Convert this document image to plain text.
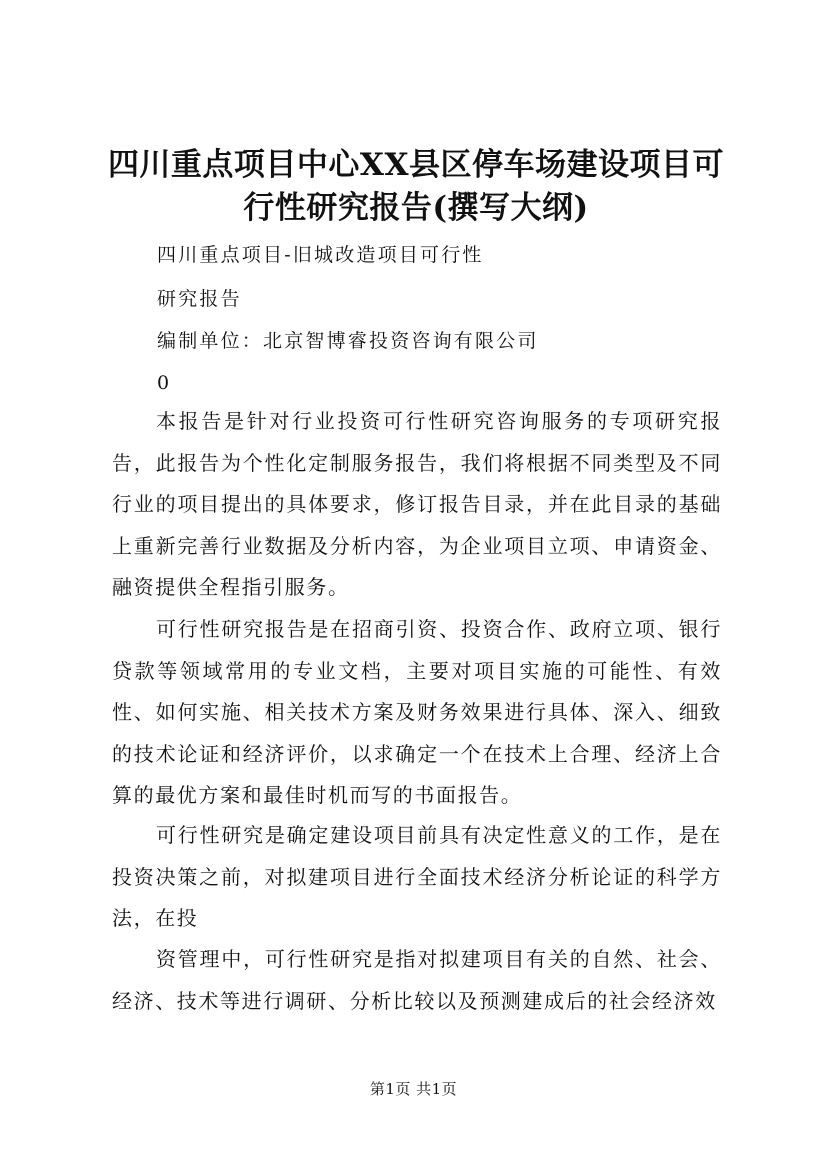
四川重点项目中心XX县区停车场建设项目可行性研究报告(撰写大纲)

四川重点项目-旧城改造项目可行性

研究报告

编制单位：北京智博睿投资咨询有限公司

0

本报告是针对行业投资可行性研究咨询服务的专项研究报告，此报告为个性化定制服务报告，我们将根据不同类型及不同行业的项目提出的具体要求，修订报告目录，并在此目录的基础上重新完善行业数据及分析内容，为企业项目立项、申请资金、融资提供全程指引服务。

可行性研究报告是在招商引资、投资合作、政府立项、银行贷款等领域常用的专业文档，主要对项目实施的可能性、有效性、如何实施、相关技术方案及财务效果进行具体、深入、细致的技术论证和经济评价，以求确定一个在技术上合理、经济上合算的最优方案和最佳时机而写的书面报告。

可行性研究是确定建设项目前具有决定性意义的工作，是在投资决策之前，对拟建项目进行全面技术经济分析论证的科学方法，在投

资管理中，可行性研究是指对拟建项目有关的自然、社会、经济、技术等进行调研、分析比较以及预测建成后的社会经济效

第1页 共1页
